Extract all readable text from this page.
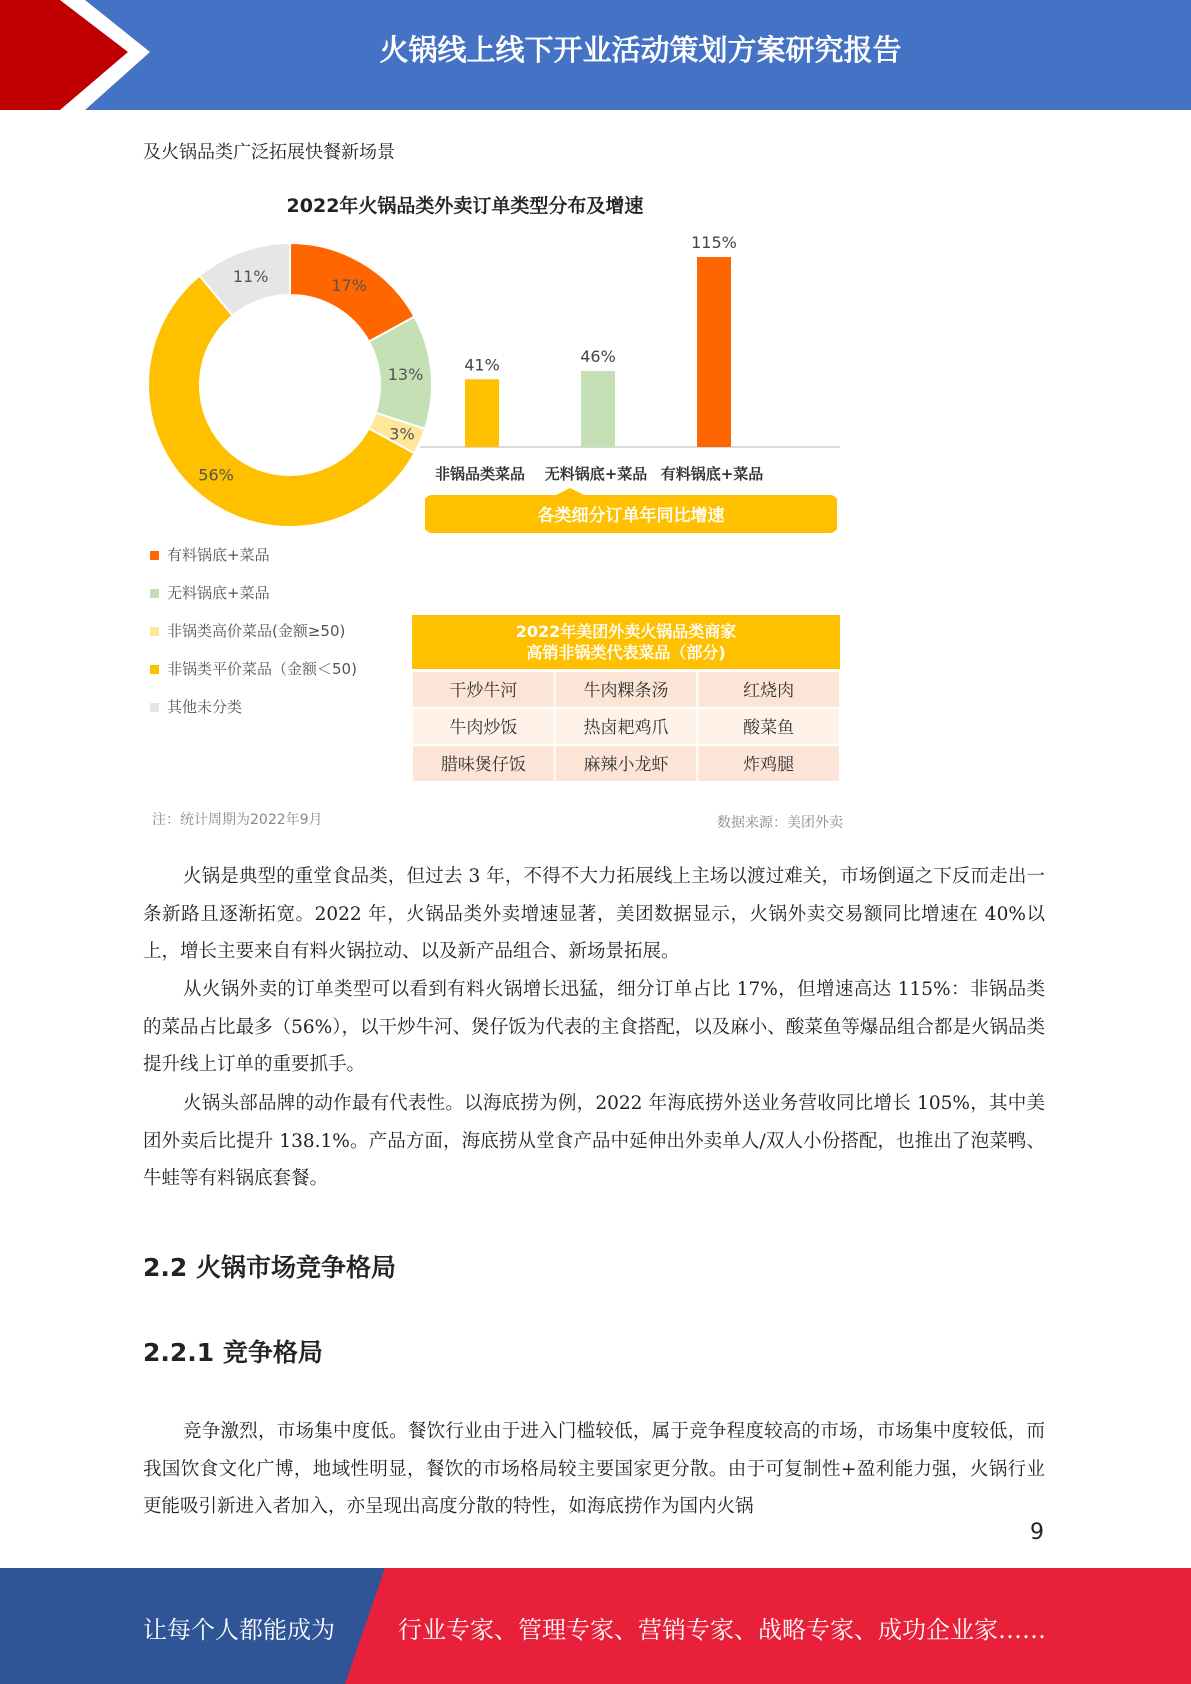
火锅线上线下开业活动策划方案研究报告
及火锅品类广泛拓展快餐新场景
2022年火锅品类外卖订单类型分布及增速
17%
13%
3%
56%
11%
41%
非锅品类菜品
46%
无料锅底+菜品
115%
有料锅底+菜品
各类细分订单年同比增速
有料锅底+菜品
无料锅底+菜品
非锅类高价菜品(金额≥50)
非锅类平价菜品（金额＜50)
其他未分类
2022年美团外卖火锅品类商家
高销非锅类代表菜品（部分)
干炒牛河	牛肉粿条汤	红烧肉
牛肉炒饭	热卤耙鸡爪	酸菜鱼
腊味煲仔饭	麻辣小龙虾	炸鸡腿
注：统计周期为2022年9月	数据来源：美团外卖

火锅是典型的重堂食品类，但过去 3 年，不得不大力拓展线上主场以渡过难关，市场倒逼之下反而走出一条新路且逐渐拓宽。2022 年，火锅品类外卖增速显著，美团数据显示，火锅外卖交易额同比增速在 40%以上，增长主要来自有料火锅拉动、以及新产品组合、新场景拓展。

从火锅外卖的订单类型可以看到有料火锅增长迅猛，细分订单占比 17%，但增速高达 115%：非锅品类的菜品占比最多（56%），以干炒牛河、煲仔饭为代表的主食搭配，以及麻小、酸菜鱼等爆品组合都是火锅品类提升线上订单的重要抓手。

火锅头部品牌的动作最有代表性。以海底捞为例，2022 年海底捞外送业务营收同比增长 105%，其中美团外卖后比提升 138.1%。产品方面，海底捞从堂食产品中延伸出外卖单人/双人小份搭配，也推出了泡菜鸭、牛蛙等有料锅底套餐。

2.2 火锅市场竞争格局
2.2.1 竞争格局

竞争激烈，市场集中度低。餐饮行业由于进入门槛较低，属于竞争程度较高的市场，市场集中度较低，而我国饮食文化广博，地域性明显，餐饮的市场格局较主要国家更分散。由于可复制性+盈利能力强，火锅行业更能吸引新进入者加入，亦呈现出高度分散的特性，如海底捞作为国内火锅

9
让每个人都能成为	行业专家、管理专家、营销专家、战略专家、成功企业家……
